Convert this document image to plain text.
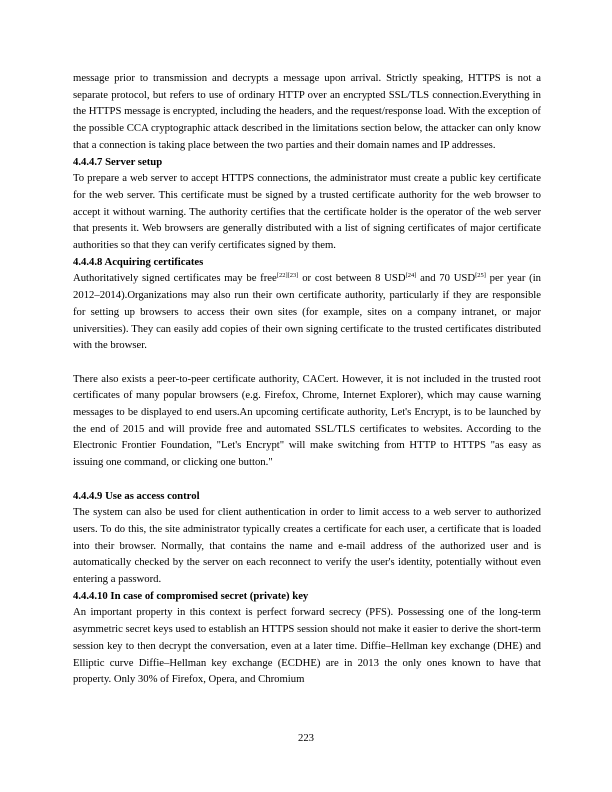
message prior to transmission and decrypts a message upon arrival. Strictly speaking, HTTPS is not a separate protocol, but refers to use of ordinary HTTP over an encrypted SSL/TLS connection.Everything in the HTTPS message is encrypted, including the headers, and the request/response load. With the exception of the possible CCA cryptographic attack described in the limitations section below, the attacker can only know that a connection is taking place between the two parties and their domain names and IP addresses.

4.4.4.7 Server setup

To prepare a web server to accept HTTPS connections, the administrator must create a public key certificate for the web server. This certificate must be signed by a trusted certificate authority for the web browser to accept it without warning. The authority certifies that the certificate holder is the operator of the web server that presents it. Web browsers are generally distributed with a list of signing certificates of major certificate authorities so that they can verify certificates signed by them.

4.4.4.8 Acquiring certificates

Authoritatively signed certificates may be free[22][23] or cost between 8 USD[24] and 70 USD[25] per year (in 2012–2014).Organizations may also run their own certificate authority, particularly if they are responsible for setting up browsers to access their own sites (for example, sites on a company intranet, or major universities). They can easily add copies of their own signing certificate to the trusted certificates distributed with the browser.

There also exists a peer-to-peer certificate authority, CACert. However, it is not included in the trusted root certificates of many popular browsers (e.g. Firefox, Chrome, Internet Explorer), which may cause warning messages to be displayed to end users.An upcoming certificate authority, Let's Encrypt, is to be launched by the end of 2015 and will provide free and automated SSL/TLS certificates to websites. According to the Electronic Frontier Foundation, "Let's Encrypt" will make switching from HTTP to HTTPS "as easy as issuing one command, or clicking one button."

4.4.4.9 Use as access control

The system can also be used for client authentication in order to limit access to a web server to authorized users. To do this, the site administrator typically creates a certificate for each user, a certificate that is loaded into their browser. Normally, that contains the name and e-mail address of the authorized user and is automatically checked by the server on each reconnect to verify the user's identity, potentially without even entering a password.

4.4.4.10 In case of compromised secret (private) key

An important property in this context is perfect forward secrecy (PFS). Possessing one of the long-term asymmetric secret keys used to establish an HTTPS session should not make it easier to derive the short-term session key to then decrypt the conversation, even at a later time. Diffie–Hellman key exchange (DHE) and Elliptic curve Diffie–Hellman key exchange (ECDHE) are in 2013 the only ones known to have that property. Only 30% of Firefox, Opera, and Chromium

223
